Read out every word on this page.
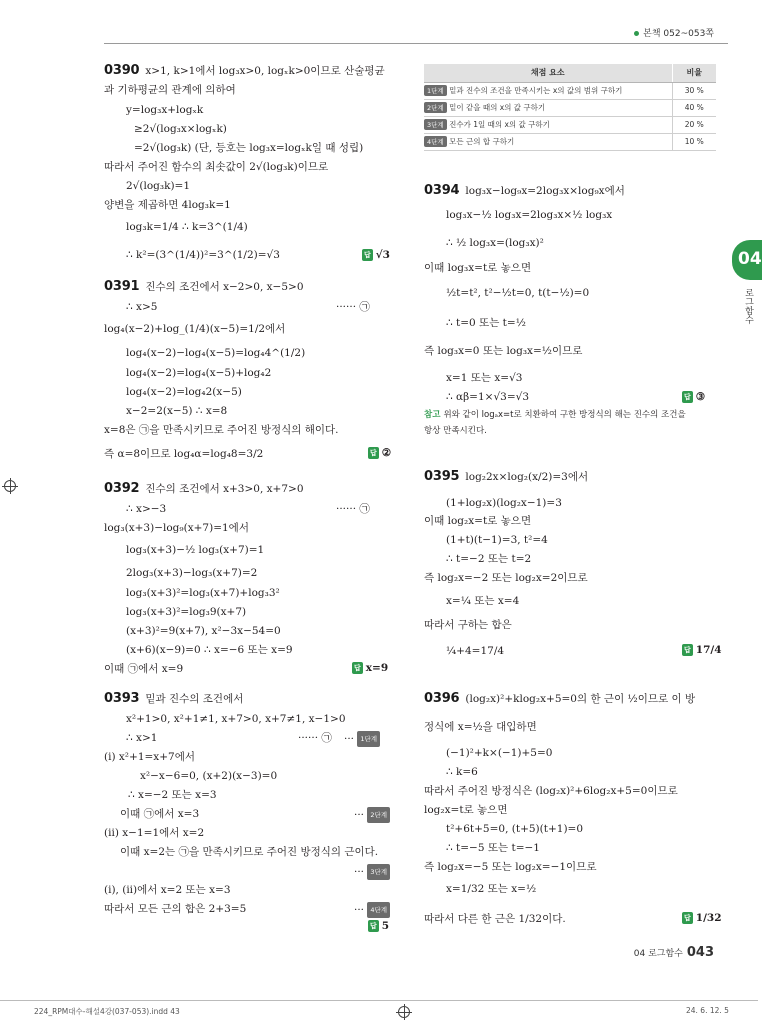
본책 052~053쪽
04
로그함수
0390 x>1, k>1에서 log₃x>0, logₓk>0이므로 산술평균
과 기하평균의 관계에 의하여
y=log₃x+logₓk
≥2√(log₃x×logₓk)
=2√(log₃k) (단, 등호는 log₃x=logₓk일 때 성립)
따라서 주어진 함수의 최솟값이 2√(log₃k)이므로
2√(log₃k)=1
양변을 제곱하면 4log₃k=1
log₃k=1/4 ∴ k=3^(1/4)
∴ k²=(3^(1/4))²=3^(1/2)=√3	답 √3
0391 진수의 조건에서 x−2>0, x−5>0
∴ x>5	······ ㉠
log₄(x−2)+log_(1/4)(x−5)=1/2에서
log₄(x−2)−log₄(x−5)=log₄4^(1/2)
log₄(x−2)=log₄(x−5)+log₄2
log₄(x−2)=log₄2(x−5)
x−2=2(x−5) ∴ x=8
x=8은 ㉠을 만족시키므로 주어진 방정식의 해이다.
즉 α=8이므로 log₄α=log₄8=3/2	답 ②
0392 진수의 조건에서 x+3>0, x+7>0
∴ x>−3	······ ㉠
log₃(x+3)−log₉(x+7)=1에서
log₃(x+3)−½ log₃(x+7)=1
2log₃(x+3)−log₃(x+7)=2
log₃(x+3)²=log₃(x+7)+log₃3²
log₃(x+3)²=log₃9(x+7)
(x+3)²=9(x+7), x²−3x−54=0
(x+6)(x−9)=0 ∴ x=−6 또는 x=9
이때 ㉠에서 x=9	답 x=9
0393 밑과 진수의 조건에서
x²+1>0, x²+1≠1, x+7>0, x+7≠1, x−1>0
∴ x>1	······ ㉠ ··· 1단계
(i) x²+1=x+7에서
x²−x−6=0, (x+2)(x−3)=0
∴ x=−2 또는 x=3
이때 ㉠에서 x=3	··· 2단계
(ii) x−1=1에서 x=2
이때 x=2는 ㉠을 만족시키므로 주어진 방정식의 근이다.
··· 3단계
(i), (ii)에서 x=2 또는 x=3
따라서 모든 근의 합은 2+3=5	··· 4단계
답 5
채점 요소	비율
1단계 밑과 진수의 조건을 만족시키는 x의 값의 범위 구하기	30 %
2단계 밑이 같을 때의 x의 값 구하기	40 %
3단계 진수가 1일 때의 x의 값 구하기	20 %
4단계 모든 근의 합 구하기	10 %
0394 log₃x−log₉x=2log₃x×log₉x에서
log₃x−½ log₃x=2log₃x×½ log₃x
∴ ½ log₃x=(log₃x)²
이때 log₃x=t로 놓으면
½t=t², t²−½t=0, t(t−½)=0
∴ t=0 또는 t=½
즉 log₃x=0 또는 log₃x=½이므로
x=1 또는 x=√3
∴ αβ=1×√3=√3	답 ③
참고 위와 같이 logₐx=t로 치환하여 구한 방정식의 해는 진수의 조건을
항상 만족시킨다.
0395 log₂2x×log₂(x/2)=3에서
(1+log₂x)(log₂x−1)=3
이때 log₂x=t로 놓으면
(1+t)(t−1)=3, t²=4
∴ t=−2 또는 t=2
즉 log₂x=−2 또는 log₂x=2이므로
x=¼ 또는 x=4
따라서 구하는 합은
¼+4=17/4	답 17/4
0396 (log₂x)²+klog₂x+5=0의 한 근이 ½이므로 이 방
정식에 x=½을 대입하면
(−1)²+k×(−1)+5=0
∴ k=6
따라서 주어진 방정식은 (log₂x)²+6log₂x+5=0이므로
log₂x=t로 놓으면
t²+6t+5=0, (t+5)(t+1)=0
∴ t=−5 또는 t=−1
즉 log₂x=−5 또는 log₂x=−1이므로
x=1/32 또는 x=½
따라서 다른 한 근은 1/32이다.	답 1/32
04 로그함수 043
224_RPM대수-해설4강(037-053).indd 43	24. 6. 12. 5
